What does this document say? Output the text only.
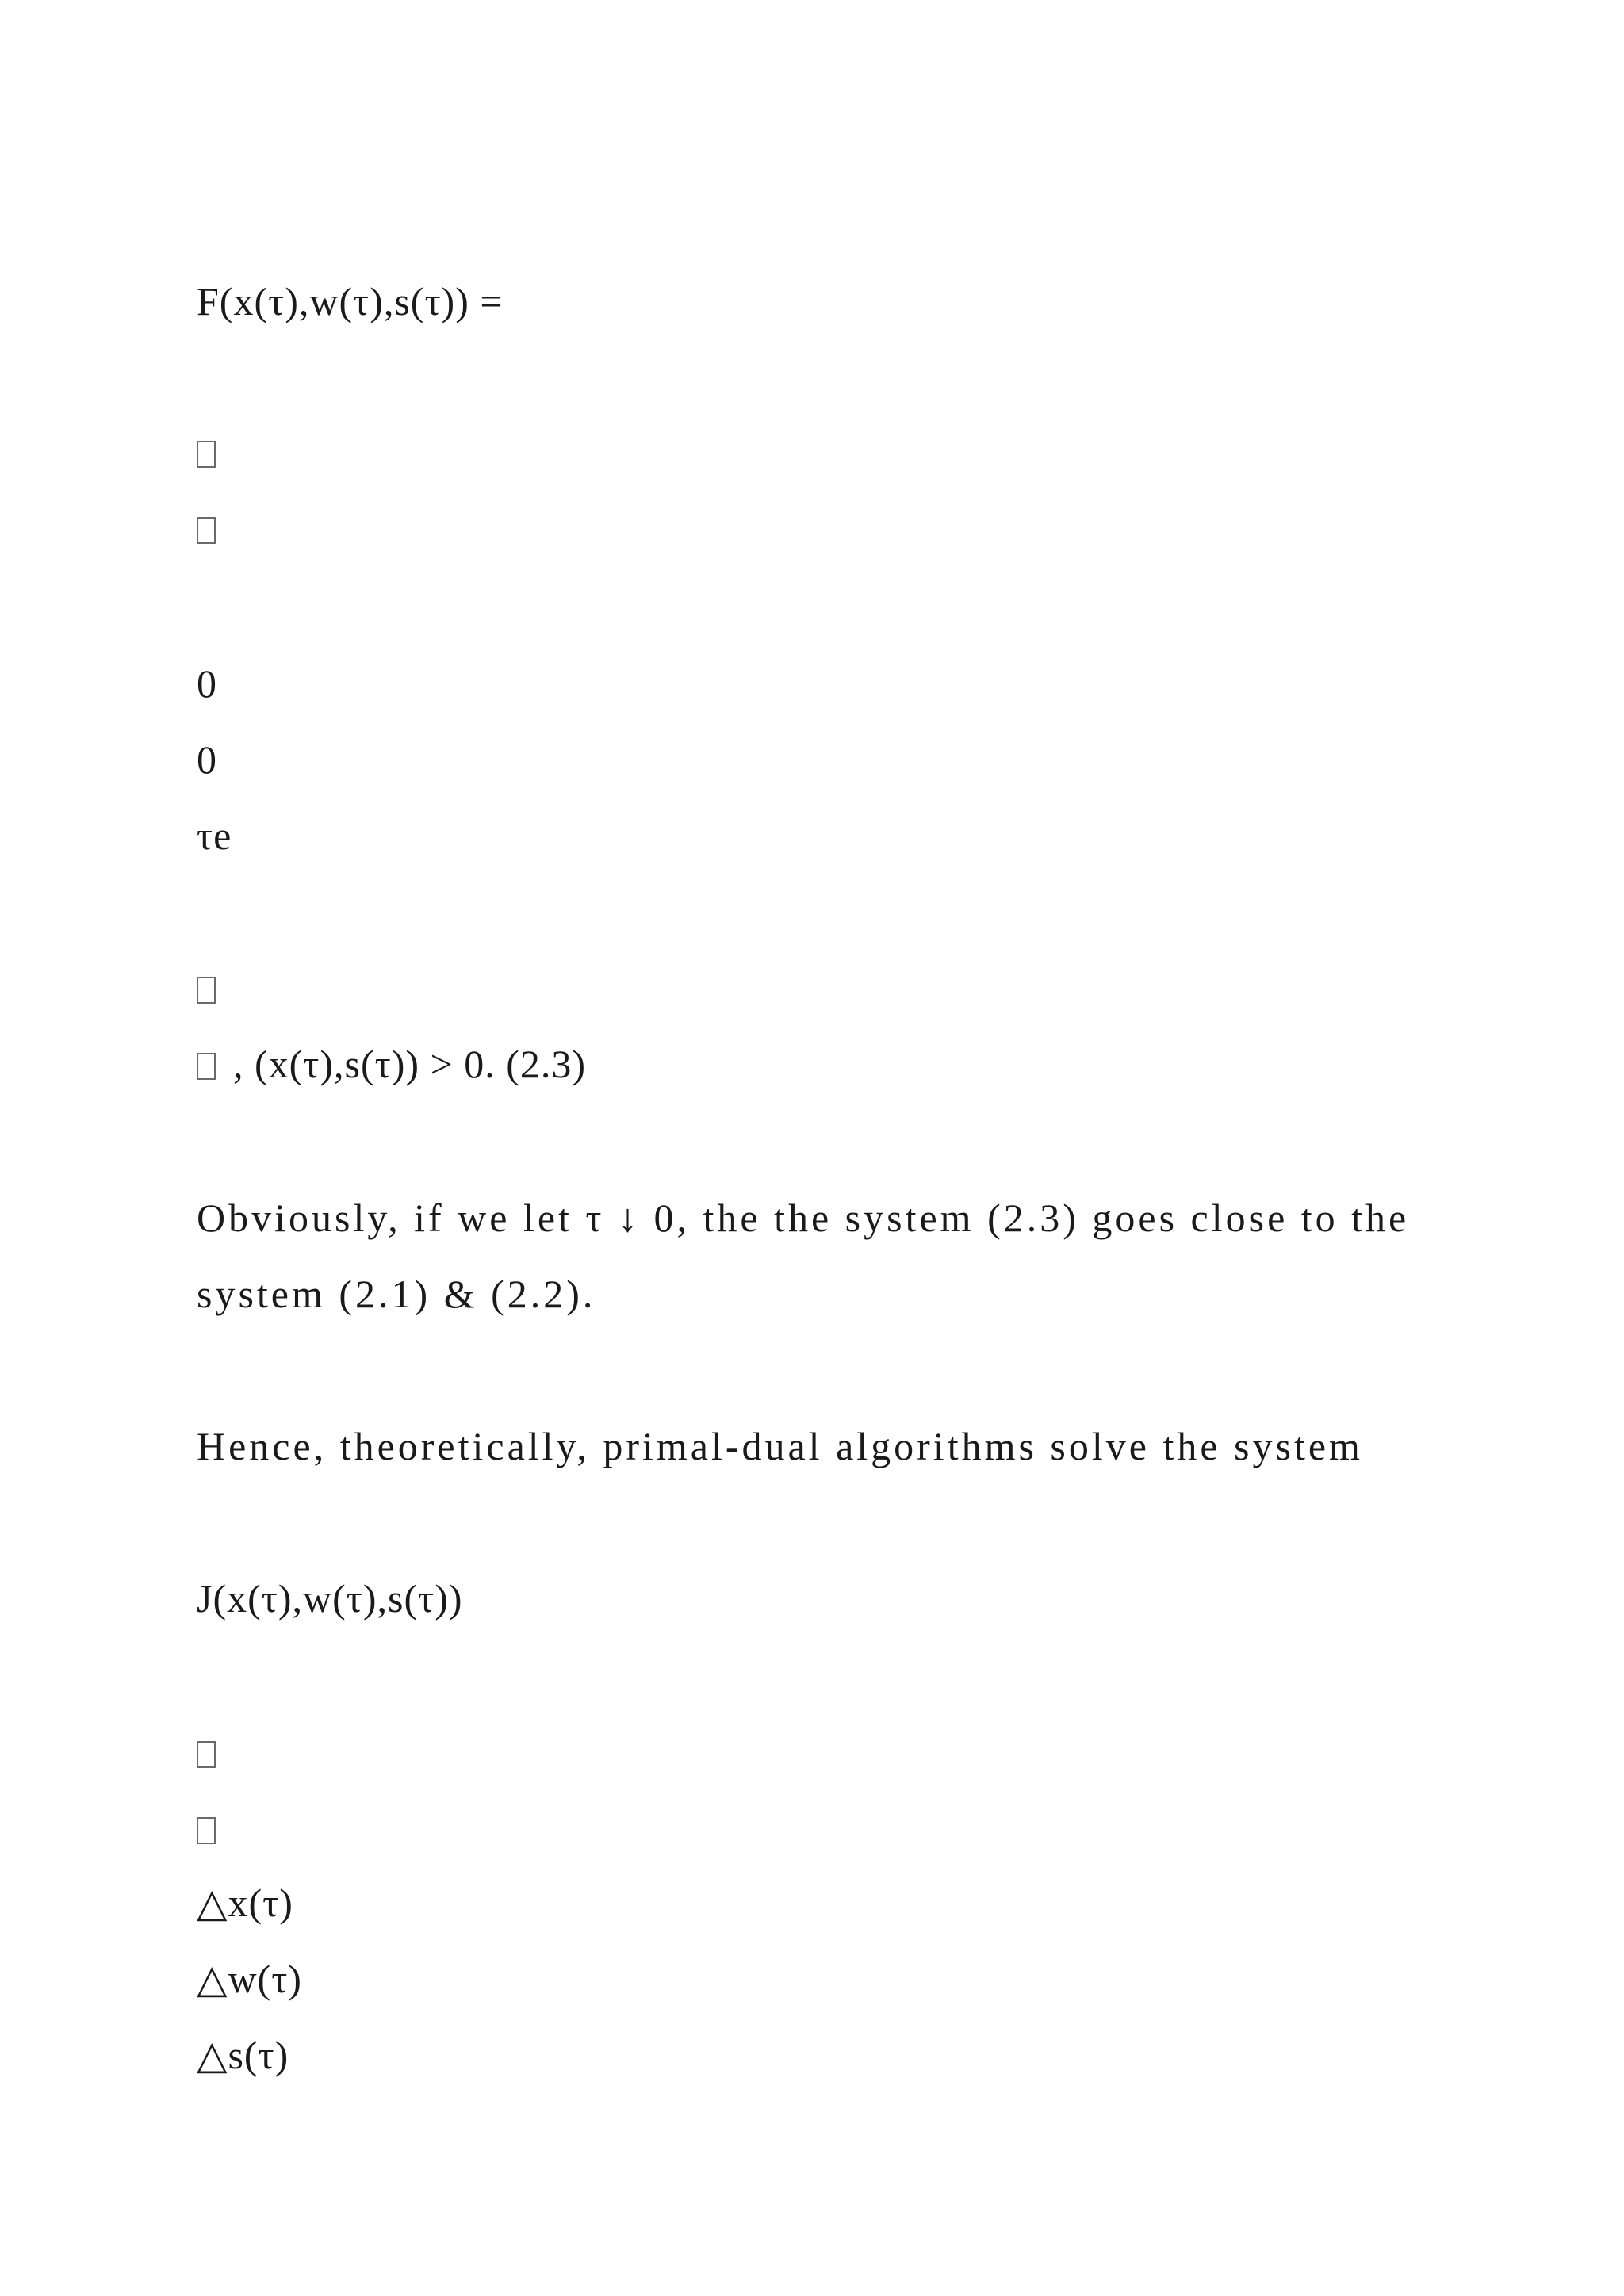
F(x(τ),w(τ),s(τ)) =
0
0
τe
, (x(τ),s(τ)) > 0. (2.3)
Obviously, if we let τ ↓ 0, the the system (2.3) goes close to the
system (2.1) & (2.2).
Hence, theoretically, primal-dual algorithms solve the system
J(x(τ),w(τ),s(τ))
△x(τ)
△w(τ)
△s(τ)
